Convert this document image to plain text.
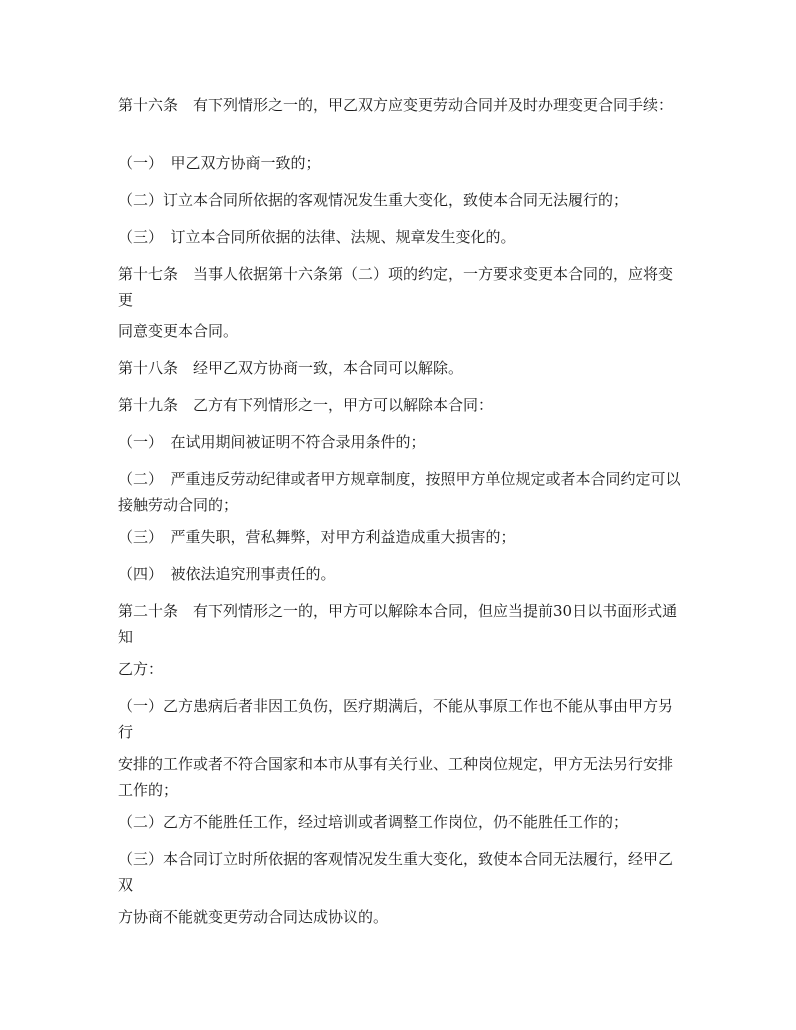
第十六条　有下列情形之一的，甲乙双方应变更劳动合同并及时办理变更合同手续：
（一）　甲乙双方协商一致的；
（二）订立本合同所依据的客观情况发生重大变化，致使本合同无法履行的；
（三）　订立本合同所依据的法律、法规、规章发生变化的。
第十七条　当事人依据第十六条第（二）项的约定，一方要求变更本合同的，应将变更
同意变更本合同。
第十八条　经甲乙双方协商一致，本合同可以解除。
第十九条　乙方有下列情形之一，甲方可以解除本合同：
（一）　在试用期间被证明不符合录用条件的；
（二）　严重违反劳动纪律或者甲方规章制度，按照甲方单位规定或者本合同约定可以接触劳动合同的；
（三）　严重失职，营私舞弊，对甲方利益造成重大损害的；
（四）　被依法追究刑事责任的。
第二十条　有下列情形之一的，甲方可以解除本合同，但应当提前30日以书面形式通知
乙方：
（一）乙方患病后者非因工负伤，医疗期满后，不能从事原工作也不能从事由甲方另行
安排的工作或者不符合国家和本市从事有关行业、工种岗位规定，甲方无法另行安排工作的；
（二）乙方不能胜任工作，经过培训或者调整工作岗位，仍不能胜任工作的；
（三）本合同订立时所依据的客观情况发生重大变化，致使本合同无法履行，经甲乙双
方协商不能就变更劳动合同达成协议的。
